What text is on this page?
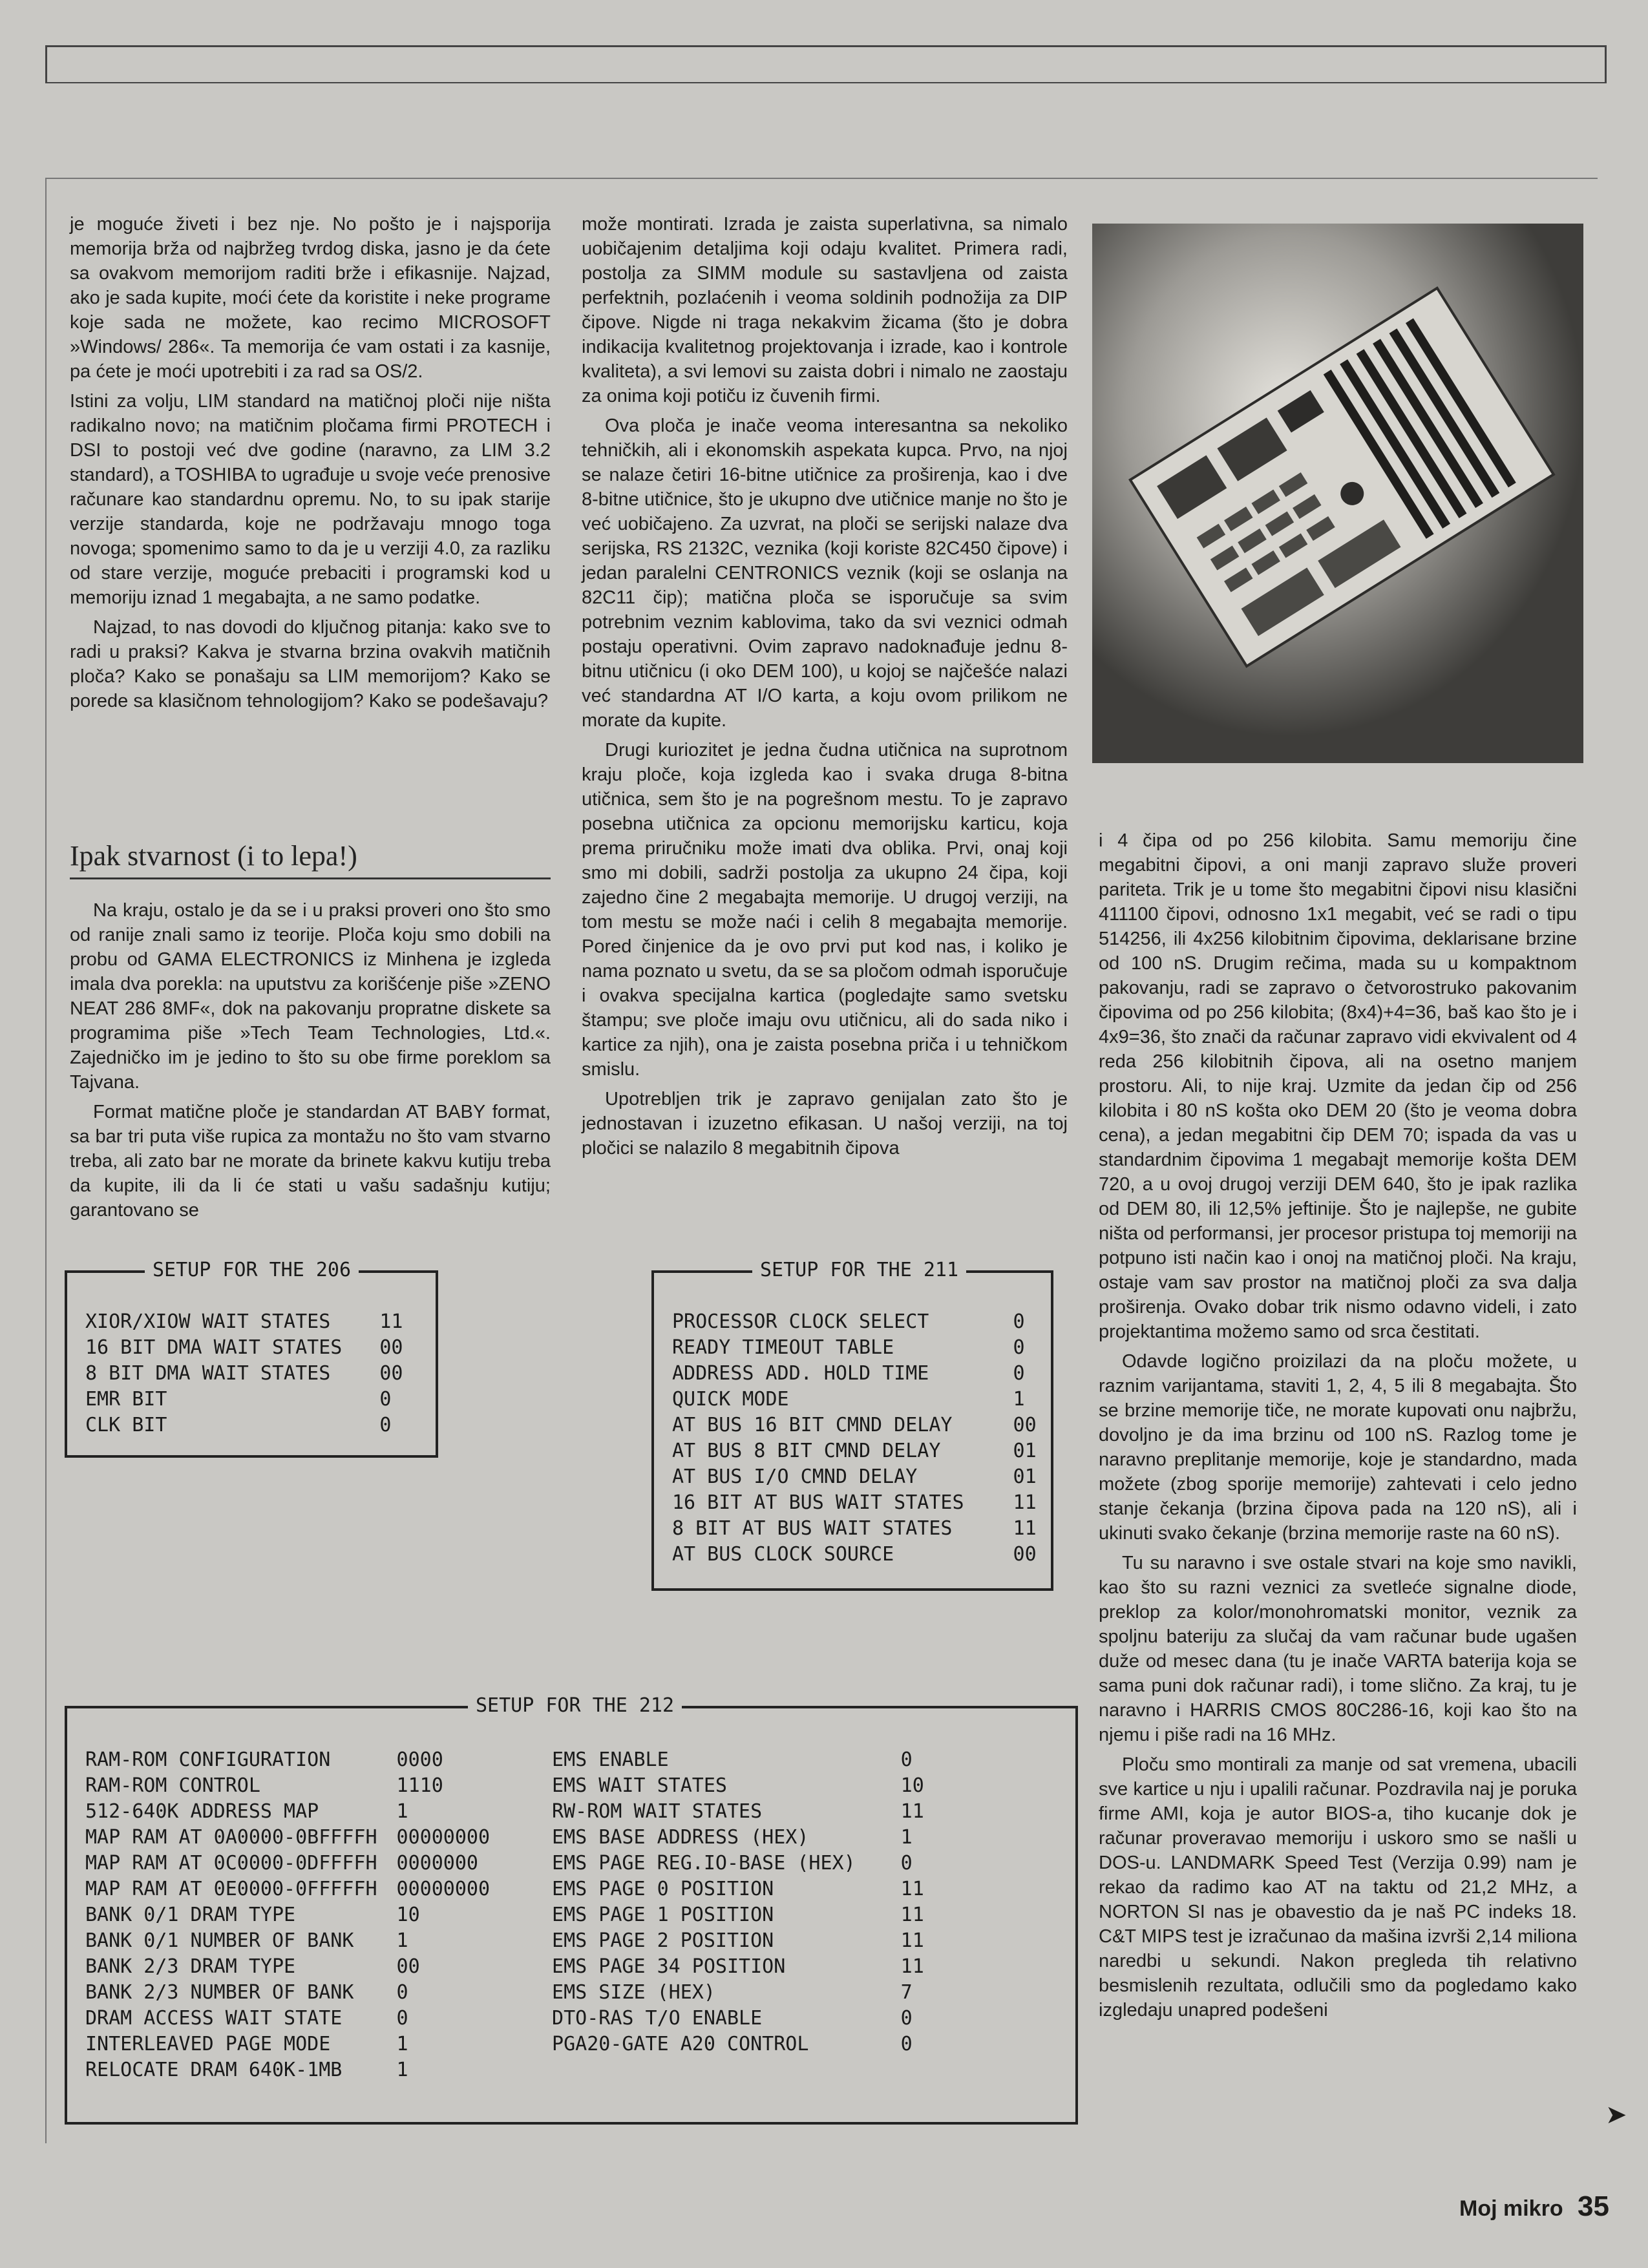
je moguće živeti i bez nje. No pošto je i najsporija memorija brža od najbržeg tvrdog diska, jasno je da ćete sa ovakvom memorijom raditi brže i efikasnije. Najzad, ako je sada kupite, moći ćete da koristite i neke programe koje sada ne možete, kao recimo MICROSOFT »Windows/ 286«. Ta memorija će vam ostati i za kasnije, pa ćete je moći upotrebiti i za rad sa OS/2.

Istini za volju, LIM standard na matičnoj ploči nije ništa radikalno novo; na matičnim pločama firmi PROTECH i DSI to postoji već dve godine (naravno, za LIM 3.2 standard), a TOSHIBA to ugrađuje u svoje veće prenosive računare kao standardnu opremu. No, to su ipak starije verzije standarda, koje ne podržavaju mnogo toga novoga; spomenimo samo to da je u verziji 4.0, za razliku od stare verzije, moguće prebaciti i programski kod u memoriju iznad 1 megabajta, a ne samo podatke.

Najzad, to nas dovodi do ključnog pitanja: kako sve to radi u praksi? Kakva je stvarna brzina ovakvih matičnih ploča? Kako se ponašaju sa LIM memorijom? Kako se porede sa klasičnom tehnologijom? Kako se podešavaju?

Ipak stvarnost (i to lepa!)

Na kraju, ostalo je da se i u praksi proveri ono što smo od ranije znali samo iz teorije. Ploča koju smo dobili na probu od GAMA ELECTRONICS iz Minhena je izgleda imala dva porekla: na uputstvu za korišćenje piše »ZENO NEAT 286 8MF«, dok na pakovanju propratne diskete sa programima piše »Tech Team Technologies, Ltd.«. Zajedničko im je jedino to što su obe firme poreklom sa Tajvana.

Format matične ploče je standardan AT BABY format, sa bar tri puta više rupica za montažu no što vam stvarno treba, ali zato bar ne morate da brinete kakvu kutiju treba da kupite, ili da li će stati u vašu sadašnju kutiju; garantovano se

može montirati. Izrada je zaista superlativna, sa nimalo uobičajenim detaljima koji odaju kvalitet. Primera radi, postolja za SIMM module su sastavljena od zaista perfektnih, pozlaćenih i veoma soldinih podnožija za DIP čipove. Nigde ni traga nekakvim žicama (što je dobra indikacija kvalitetnog projektovanja i izrade, kao i kontrole kvaliteta), a svi lemovi su zaista dobri i nimalo ne zaostaju za onima koji potiču iz čuvenih firmi.

Ova ploča je inače veoma interesantna sa nekoliko tehničkih, ali i ekonomskih aspekata kupca. Prvo, na njoj se nalaze četiri 16-bitne utičnice za proširenja, kao i dve 8-bitne utičnice, što je ukupno dve utičnice manje no što je već uobičajeno. Za uzvrat, na ploči se serijski nalaze dva serijska, RS 2132C, veznika (koji koriste 82C450 čipove) i jedan paralelni CENTRONICS veznik (koji se oslanja na 82C11 čip); matična ploča se isporučuje sa svim potrebnim veznim kablovima, tako da svi veznici odmah postaju operativni. Ovim zapravo nadoknađuje jednu 8-bitnu utičnicu (i oko DEM 100), u kojoj se najčešće nalazi već standardna AT I/O karta, a koju ovom prilikom ne morate da kupite.

Drugi kuriozitet je jedna čudna utičnica na suprotnom kraju ploče, koja izgleda kao i svaka druga 8-bitna utičnica, sem što je na pogrešnom mestu. To je zapravo posebna utičnica za opcionu memorijsku karticu, koja prema priručniku može imati dva oblika. Prvi, onaj koji smo mi dobili, sadrži postolja za ukupno 24 čipa, koji zajedno čine 2 megabajta memorije. U drugoj verziji, na tom mestu se može naći i celih 8 megabajta memorije. Pored činjenice da je ovo prvi put kod nas, i koliko je nama poznato u svetu, da se sa pločom odmah isporučuje i ovakva specijalna kartica (pogledajte samo svetsku štampu; sve ploče imaju ovu utičnicu, ali do sada niko i kartice za njih), ona je zaista posebna priča i u tehničkom smislu.

Upotrebljen trik je zapravo genijalan zato što je jednostavan i izuzetno efikasan. U našoj verziji, na toj pločici se nalazilo 8 megabitnih čipova

i 4 čipa od po 256 kilobita. Samu memoriju čine megabitni čipovi, a oni manji zapravo služe proveri pariteta. Trik je u tome što megabitni čipovi nisu klasični 411100 čipovi, odnosno 1x1 megabit, već se radi o tipu 514256, ili 4x256 kilobitnim čipovima, deklarisane brzine od 100 nS. Drugim rečima, mada su u kompaktnom pakovanju, radi se zapravo o četvorostruko pakovanim čipovima od po 256 kilobita; (8x4)+4=36, baš kao što je i 4x9=36, što znači da računar zapravo vidi ekvivalent od 4 reda 256 kilobitnih čipova, ali na osetno manjem prostoru. Ali, to nije kraj. Uzmite da jedan čip od 256 kilobita i 80 nS košta oko DEM 20 (što je veoma dobra cena), a jedan megabitni čip DEM 70; ispada da vas u standardnim čipovima 1 megabajt memorije košta DEM 720, a u ovoj drugoj verziji DEM 640, što je ipak razlika od DEM 80, ili 12,5% jeftinije. Što je najlepše, ne gubite ništa od performansi, jer procesor pristupa toj memoriji na potpuno isti način kao i onoj na matičnoj ploči. Na kraju, ostaje vam sav prostor na matičnoj ploči za sva dalja proširenja. Ovako dobar trik nismo odavno videli, i zato projektantima možemo samo od srca čestitati.

Odavde logično proizilazi da na ploču možete, u raznim varijantama, staviti 1, 2, 4, 5 ili 8 megabajta. Što se brzine memorije tiče, ne morate kupovati onu najbržu, dovoljno je da ima brzinu od 100 nS. Razlog tome je naravno preplitanje memorije, koje je standardno, mada možete (zbog sporije memorije) zahtevati i celo jedno stanje čekanja (brzina čipova pada na 120 nS), ali i ukinuti svako čekanje (brzina memorije raste na 60 nS).

Tu su naravno i sve ostale stvari na koje smo navikli, kao što su razni veznici za svetleće signalne diode, preklop za kolor/monohromatski monitor, veznik za spoljnu bateriju za slučaj da vam računar bude ugašen duže od mesec dana (tu je inače VARTA baterija koja se sama puni dok računar radi), i tome slično. Za kraj, tu je naravno i HARRIS CMOS 80C286-16, koji kao što na njemu i piše radi na 16 MHz.

Ploču smo montirali za manje od sat vremena, ubacili sve kartice u nju i upalili računar. Pozdravila naj je poruka firme AMI, koja je autor BIOS-a, tiho kucanje dok je računar proveravao memoriju i uskoro smo se našli u DOS-u. LANDMARK Speed Test (Verzija 0.99) nam je rekao da radimo kao AT na taktu od 21,2 MHz, a NORTON SI nas je obavestio da je naš PC indeks 18. C&T MIPS test je izračunao da mašina izvrši 2,14 miliona naredbi u sekundi. Nakon pregleda tih relativno besmislenih rezultata, odlučili smo da pogledamo kako izgledaju unapred podešeni

SETUP FOR THE 206
XIOR/XIOW WAIT STATES	11
16 BIT DMA WAIT STATES	00
8 BIT DMA WAIT STATES	00
EMR BIT	0
CLK BIT	0
SETUP FOR THE 211
PROCESSOR CLOCK SELECT	0
READY TIMEOUT TABLE	0
ADDRESS ADD. HOLD TIME	0
QUICK MODE	1
AT BUS 16 BIT CMND DELAY	00
AT BUS 8 BIT CMND DELAY	01
AT BUS I/O CMND DELAY	01
16 BIT AT BUS WAIT STATES	11
8 BIT AT BUS WAIT STATES	11
AT BUS CLOCK SOURCE	00
SETUP FOR THE 212
RAM-ROM CONFIGURATION	0000		EMS ENABLE	0
RAM-ROM CONTROL	1110		EMS WAIT STATES	10
512-640K ADDRESS MAP	1		RW-ROM WAIT STATES	11
MAP RAM AT 0A0000-0BFFFFH	00000000		EMS BASE ADDRESS (HEX)	1
MAP RAM AT 0C0000-0DFFFFH	0000000		EMS PAGE REG.IO-BASE (HEX)	0
MAP RAM AT 0E0000-0FFFFFH	00000000		EMS PAGE 0 POSITION	11
BANK 0/1 DRAM TYPE	10		EMS PAGE 1 POSITION	11
BANK 0/1 NUMBER OF BANK	1		EMS PAGE 2 POSITION	11
BANK 2/3 DRAM TYPE	00		EMS PAGE 34 POSITION	11
BANK 2/3 NUMBER OF BANK	0		EMS SIZE (HEX)	7
DRAM ACCESS WAIT STATE	0		DTO-RAS T/O ENABLE	0
INTERLEAVED PAGE MODE	1		PGA20-GATE A20 CONTROL	0
RELOCATE DRAM 640K-1MB	1			
➤
Moj mikro 35
